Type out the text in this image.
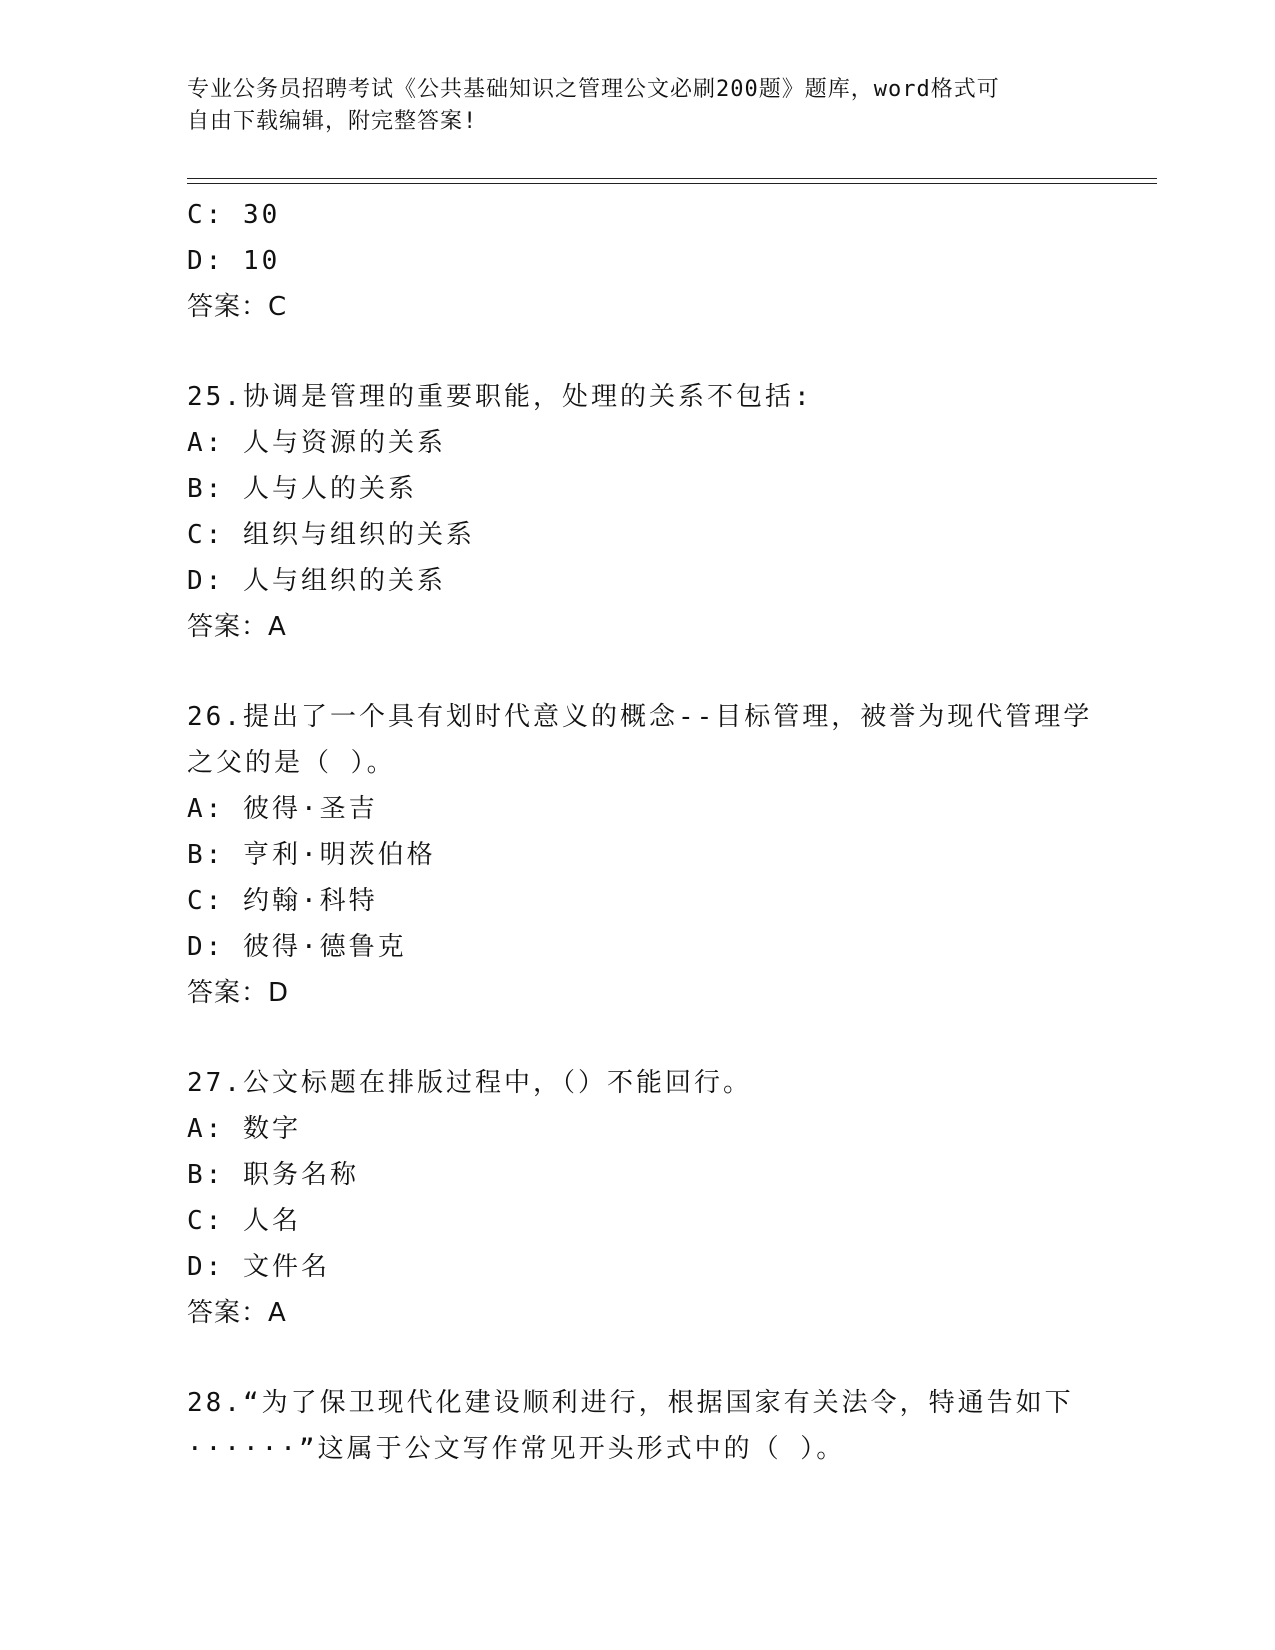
专业公务员招聘考试《公共基础知识之管理公文必刷200题》题库，word格式可
自由下载编辑，附完整答案!
C: 30
D: 10
答案：C
25.协调是管理的重要职能，处理的关系不包括:
A: 人与资源的关系
B: 人与人的关系
C: 组织与组织的关系
D: 人与组织的关系
答案：A
26.提出了一个具有划时代意义的概念--目标管理，被誉为现代管理学
之父的是（ ）。
A: 彼得·圣吉
B: 亨利·明茨伯格
C: 约翰·科特
D: 彼得·德鲁克
答案：D
27.公文标题在排版过程中，（）不能回行。
A: 数字
B: 职务名称
C: 人名
D: 文件名
答案：A
28.“为了保卫现代化建设顺利进行，根据国家有关法令，特通告如下
······”这属于公文写作常见开头形式中的（ ）。
